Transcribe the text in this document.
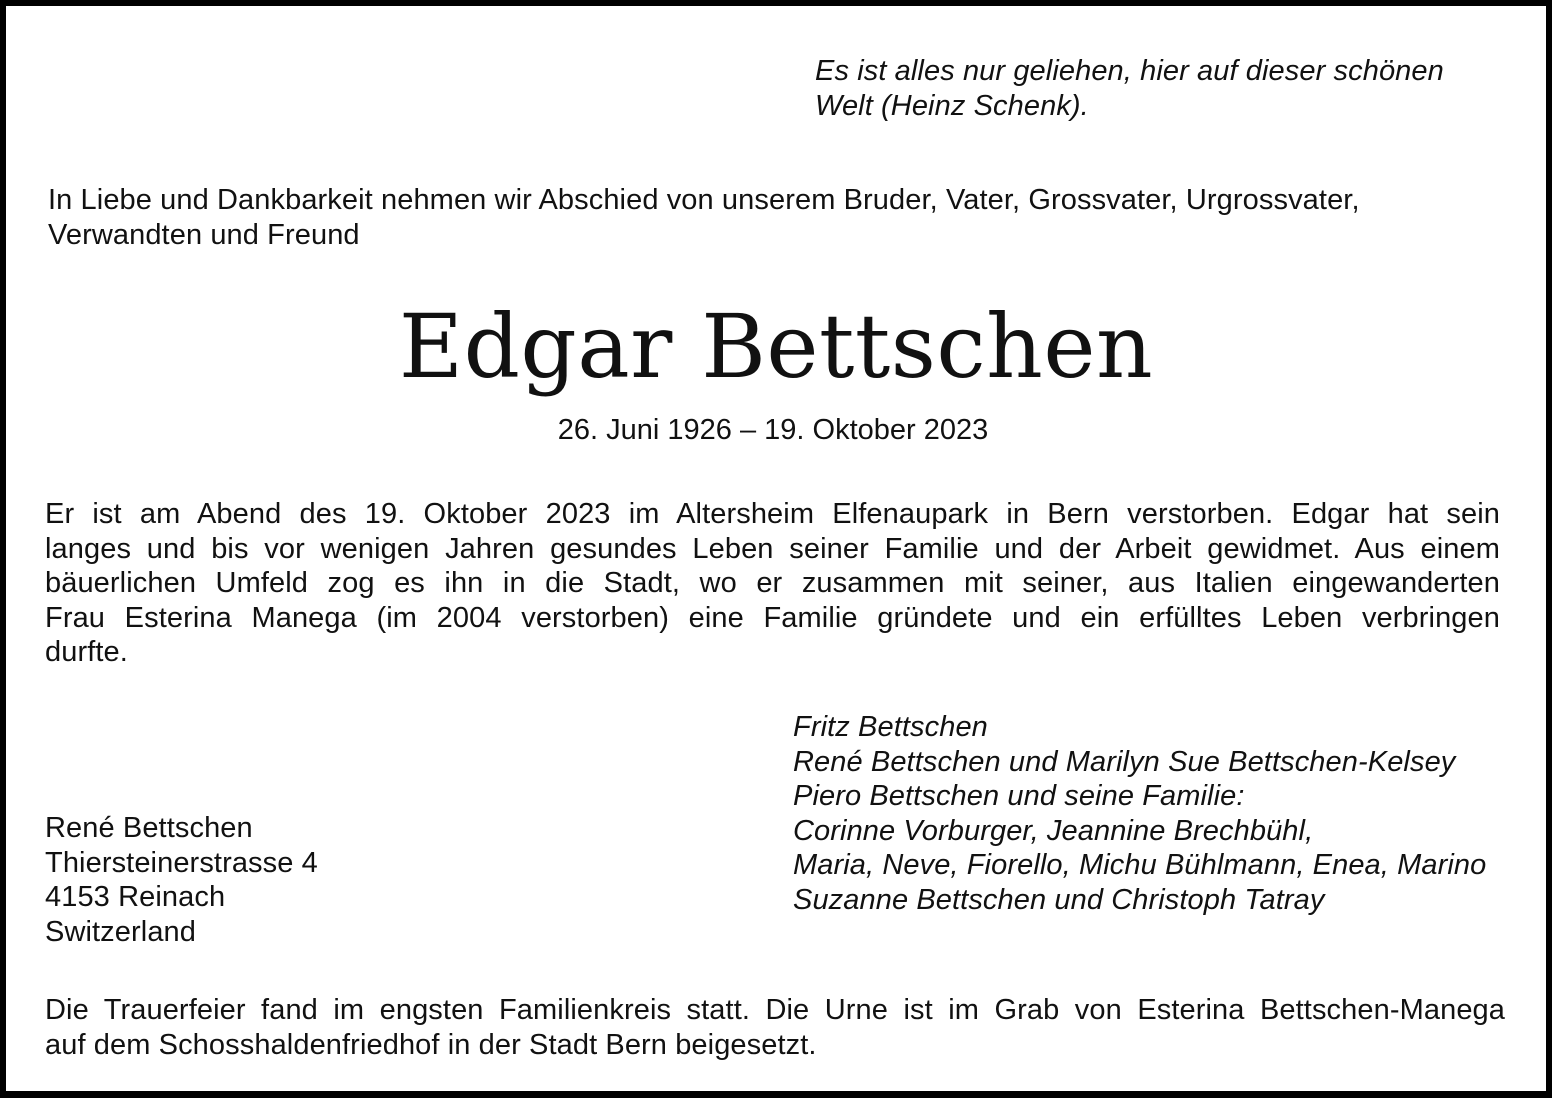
Es ist alles nur geliehen, hier auf dieser schönen
Welt (Heinz Schenk).
In Liebe und Dankbarkeit nehmen wir Abschied von unserem Bruder, Vater, Grossvater, Urgrossvater,
Verwandten und Freund
Edgar Bettschen
26. Juni 1926 – 19. Oktober 2023
Er ist am Abend des 19. Oktober 2023 im Altersheim Elfenaupark in Bern verstorben. Edgar hat sein
langes und bis vor wenigen Jahren gesundes Leben seiner Familie und der Arbeit gewidmet. Aus einem
bäuerlichen Umfeld zog es ihn in die Stadt, wo er zusammen mit seiner, aus Italien eingewanderten
Frau Esterina Manega (im 2004 verstorben) eine Familie gründete und ein erfülltes Leben verbringen
durfte.
Fritz Bettschen
René Bettschen und Marilyn Sue Bettschen-Kelsey
Piero Bettschen und seine Familie:
Corinne Vorburger, Jeannine Brechbühl,
Maria, Neve, Fiorello, Michu Bühlmann, Enea, Marino
Suzanne Bettschen und Christoph Tatray
René Bettschen
Thiersteinerstrasse 4
4153 Reinach
Switzerland
Die Trauerfeier fand im engsten Familienkreis statt. Die Urne ist im Grab von Esterina Bettschen-Manega
auf dem Schosshaldenfriedhof in der Stadt Bern beigesetzt.
